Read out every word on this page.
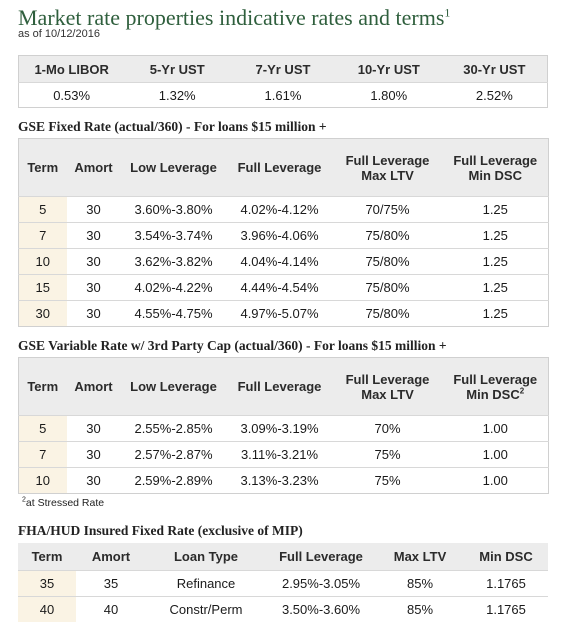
Market rate properties indicative rates and terms$^1$
as of 10/12/2016
1-Mo LIBOR	5-Yr UST	7-Yr UST	10-Yr UST	30-Yr UST
0.53%	1.32%	1.61%	1.80%	2.52%
GSE Fixed Rate (actual/360) - For loans $15 million +
Term	Amort	Low Leverage	Full Leverage	Full Leverage Max LTV	Full Leverage Min DSC
5	30	3.60%-3.80%	4.02%-4.12%	70/75%	1.25
7	30	3.54%-3.74%	3.96%-4.06%	75/80%	1.25
10	30	3.62%-3.82%	4.04%-4.14%	75/80%	1.25
15	30	4.02%-4.22%	4.44%-4.54%	75/80%	1.25
30	30	4.55%-4.75%	4.97%-5.07%	75/80%	1.25
GSE Variable Rate w/ 3rd Party Cap (actual/360) - For loans $15 million +
Term	Amort	Low Leverage	Full Leverage	Full Leverage Max LTV	Full Leverage Min DSC$^2$
5	30	2.55%-2.85%	3.09%-3.19%	70%	1.00
7	30	2.57%-2.87%	3.11%-3.21%	75%	1.00
10	30	2.59%-2.89%	3.13%-3.23%	75%	1.00
$^2$at Stressed Rate
FHA/HUD Insured Fixed Rate (exclusive of MIP)
Term	Amort	Loan Type	Full Leverage	Max LTV	Min DSC
35	35	Refinance	2.95%-3.05%	85%	1.1765
40	40	Constr/Perm	3.50%-3.60%	85%	1.1765
